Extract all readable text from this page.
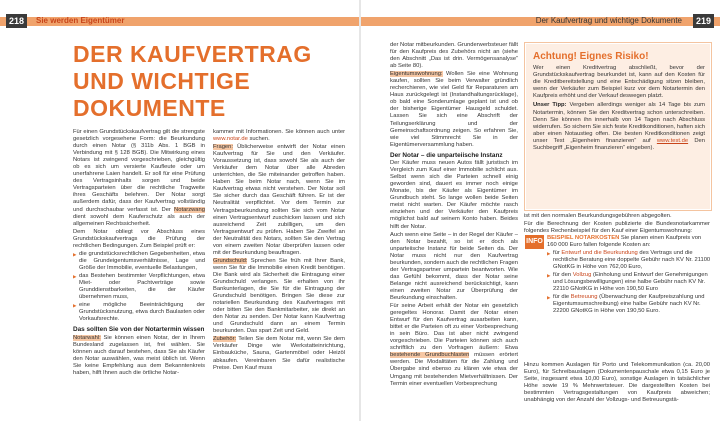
218	Sie werden Eigentümer
DER KAUFVERTRAG UND WICHTIGE DOKUMENTE

Für einen Grundstückskaufvertrag gilt die strengste gesetzlich vorgesehene Form: die Beurkundung durch einen Notar (§ 311b Abs. 1 BGB in Verbindung mit § 128 BGB). Die Mitwirkung eines Notars ist zwingend vorgeschrieben, gleichgültig ob es sich um versierte Kaufleute oder um unerfahrene Laien handelt. Er soll für eine Prüfung des Vertragsinhalts sorgen und beide Vertragsparteien über die rechtliche Tragweite ihres Geschäfts belehren. Der Notar sorgt außerdem dafür, dass der Kaufvertrag vollständig und durchschaubar verfasst ist. Der Notarzwang dient sowohl dem Kauferschutz als auch der allgemeinen Rechtssicherheit.

Dem Notar obliegt vor Abschluss eines Grundstückskaufvertrags die Prüfung der rechtlichen Bedingungen. Zum Beispiel prüft er:

▶ die grundstücksrechtlichen Gegebenheiten, etwa die Grundeigentumsverhältnisse, Lage und Größe der Immobilie, eventuelle Belastungen,
▶ das Bestehen bestimmter Verpflichtungen, etwa Miet- oder Pachtverträge sowie Grunddienstbarkeiten, die der Käufer übernehmen muss,
▶ eine mögliche Beeinträchtigung der Grundstücksnutzung, etwa durch Baulasten oder Vorkaufsrechte.
Das sollten Sie von der Notartermin wissen

Notarwahl: Sie können einen Notar, der in Ihrem Bundesland zugelassen ist, frei wählen. Sie können auch darauf bestehen, dass Sie als Käufer den Notar auswählen, was meist üblich ist. Wenn Sie keine Empfehlung aus dem Bekanntenkreis haben, hilft Ihnen auch die örtliche Notar-

kammer mit Informationen. Sie können auch unter www.notar.de suchen.

Fragen: Üblicherweise entwirft der Notar einen Kaufvertrag für Sie und den Verkäufer. Voraussetzung ist, dass sowohl Sie als auch der Verkäufer dem Notar über alle Abreden unterrichten, die Sie miteinander getroffen haben. Haben Sie beim Notar nach, wenn Sie im Kaufvertrag etwas nicht verstehen. Der Notar soll Sie sicher durch das Geschäft führen. Er ist der Neutralität verpflichtet. Vor dem Termin zur Vertragsbeurkundung sollten Sie sich vom Notar einen Vertragsentwurf zuschicken lassen und sich ausreichend Zeit zubilligen, um den Vertragsentwurf zu prüfen. Haben Sie Zweifel an der Neutralität des Notars, sollten Sie den Vertrag von einem zweiten Notar überprüfen lassen oder mit der Beurkundung beauftragen.

Grundschuld: Sprechen Sie früh mit Ihrer Bank, wenn Sie für die Immobilie einen Kredit benötigen. Die Bank wird als Sicherheit die Eintragung einer Grundschuld verlangen. Sie erhalten von ihr Bankunterlagen, die Sie für die Eintragung der Grundschuld benötigen. Bringen Sie diese zur notariellen Beurkundung des Kaufvertrages mit oder bitten Sie den Bankmitarbeiter, sie direkt an den Notar zu senden. Der Notar kann Kaufvertrag und Grundschuld dann an einem Termin beurkunden. Das spart Zeit und Geld.

Zubehör: Teilen Sie dem Notar mit, wenn Sie dem Verkäufer Dinge wie Werkstatteinrichtung, Einbauküche, Sauna, Gartenmöbel oder Heizöl abkaufen. Vereinbaren Sie dafür realistische Preise. Den Kauf muss

219
Der Kaufvertrag und wichtige Dokumente

der Notar mitbeurkunden. Grunderwerbsteuer fällt für den Kaufpreis des Zubehörs nicht an (siehe den Abschnitt „Das ist drin. Vermögensanalyse“ ab Seite 80).

Eigentumswohnung: Wollen Sie eine Wohnung kaufen, sollten Sie beim Verwalter gründlich recherchieren, wie viel Geld für Reparaturen am Haus zurückgelegt ist (Instandhaltungsrücklage), ob bald eine Sonderumlage geplant ist und ob der bisherige Eigentümer Hausgeld schuldet. Lassen Sie sich eine Abschrift der Teilungserklärung und der Gemeinschaftsordnung zeigen. So erfahren Sie, wie viel Stimmrecht Sie in der Eigentümerversammlung haben.

Der Notar – die unparteiische Instanz

Der Käufer muss neuen Autos fällt juristisch im Vergleich zum Kauf einer Immobilie schlicht aus. Selbst wenn sich die Parteien schnell einig geworden sind, dauert es immer noch einige Monate, bis der Käufer als Eigentümer im Grundbuch steht. So lange wollen beide Seiten meist nicht warten. Der Käufer möchte rasch einziehen und der Verkäufer den Kaufpreis möglichst bald auf seinem Konto haben. Beides hilft der Notar.

Auch wenn eine Seite – in der Regel der Käufer – den Notar bezahlt, so ist er doch als unparteiische Instanz für beide Seiten da. Der Notar muss nicht nur den Kaufvertrag beurkunden, sondern auch die rechtlichen Fragen der Vertragspartner umpartein beantworten. Wie das Gefühl bekommt, dass der Notar seine Belange nicht ausreichend berücksichtigt, kann einen zweiten Notar zur Überprüfung der Beurkundung einschalten.

Für seine Arbeit erhält der Notar ein gesetzlich geregeltes Honorar. Damit der Notar einen Entwurf für den Kaufvertrag ausarbeiten kann, bittet er die Parteien oft zu einer Vorbesprechung in sein Büro. Das ist aber nicht zwingend vorgeschrieben. Die Parteien können sich auch schriftlich zu den Vorfragen äußern: Etwa bestehende Grundbuchlasten müssen erörtert werden. Die Modalitäten für die Zahlung und Übergabe sind ebenso zu klären wie etwa der Umgang mit bestehenden Mietverhältnissen. Der Termin einer eventuellen Vorbesprechung

Achtung! Eignes Risiko!

Wer einen Kreditvertrag abschließt, bevor der Grundstückskaufvertrag beurkundet ist, kann auf den Kosten für die Kreditbereitstellung und eine Entschädigung sitzen bleiben, wenn der Verkäufer zum Beispiel kurz vor dem Notartermin den Kaufpreis erhöht und der Verkauf deswegen platzt.

Unser Tipp: Vergeben allerdings weniger als 14 Tage bis zum Notartermin, können Sie den Kreditvertrag schon unterschreiben. Denn Sie können ihn innerhalb von 14 Tagen nach Abschluss widerrufen. So sichern Sie sich feste Kreditkonditionen, haften sich aber einen Notaustieg offen. Die besten Kreditkonditionen zeigt unser Test „Eigenheim finanzieren“ auf www.test.de Den Suchbegriff „Eigenheim finanzieren“ eingeben).

ist mit den normalen Beurkundungsgebühren abgegolten.

Für die Berechnung der Kosten publizierte die Bundesnotarkammer folgendes Rechenbeispiel für den Kauf einer Eigentumswohnung:

INFO BEISPIEL NOTARKOSTEN Sie planen einen Kaufpreis von 160 000 Euro fallen folgende Kosten an:
▶ für Entwurf und die Beurkundung des Vertrags und die rechtliche Beratung eine doppelte Gebühr nach KV Nr. 21100 GNotKG in Höhe von 762,00 Euro,
▶ für den Vollzug (Einholung und Entwurf der Genehmigungen und Lösungsbewilligungen) eine halbe Gebühr nach KV Nr. 22110 GNotKG in Höhe von 190,50 Euro
▶ für die Betreuung (Überwachung der Kaufpreiszahlung und Eigentumsumschreibung) eine halbe Gebühr nach KV Nr. 22200 GNotKG in Höhe von 190,50 Euro.
Hinzu kommen Auslagen für Porto und Telekommunikation (ca. 20,00 Euro), für Schreibauslagen (Dokumentenpauschale etwa 0,15 Euro je Seite, insgesamt etwa 10,00 Euro), sonstige Auslagen in tatsächlicher Höhe sowie 19 % Mehrwertsteuer. Die dargestellten Kosten bei bestimmten Vertragsgestaltungen von Kaufpreis abweichen; unabhängig von der Anzahl der Vollzugs- und Betreuungstä-
